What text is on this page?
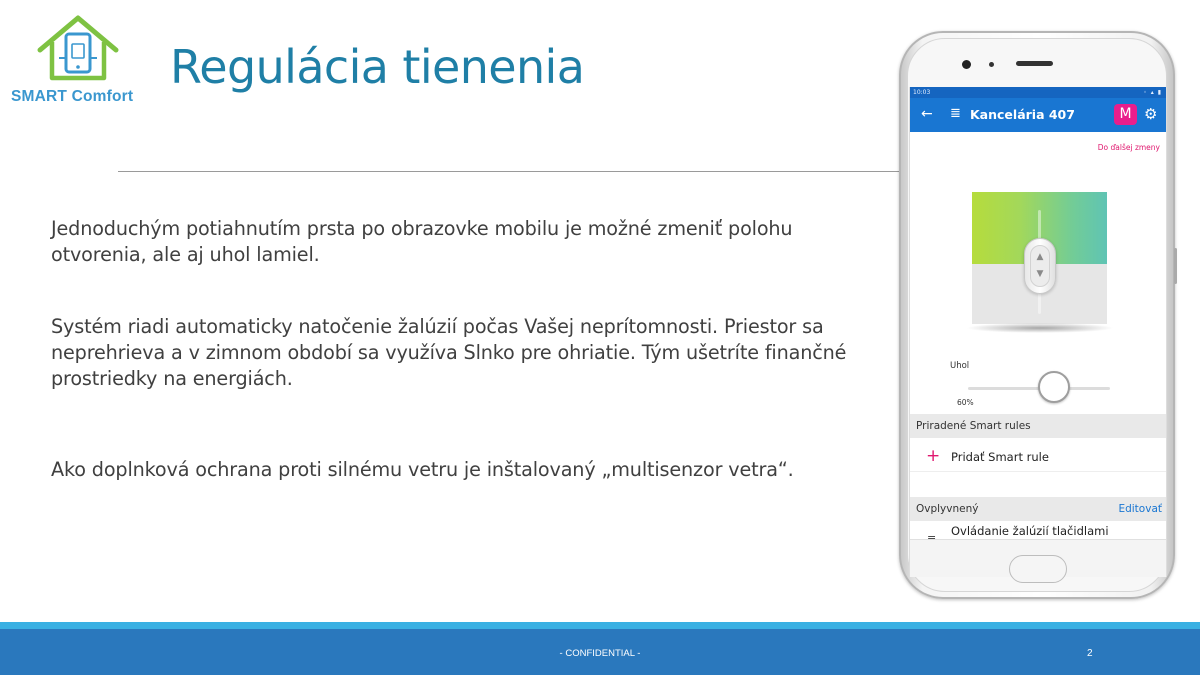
SMART Comfort
Regulácia tienenia
Jednoduchým potiahnutím prsta po obrazovke mobilu je možné zmeniť polohu otvorenia, ale aj uhol lamiel.
Systém riadi automaticky natočenie žalúzií počas Vašej neprítomnosti. Priestor sa neprehrieva a v zimnom období sa využíva Slnko pre ohriatie. Tým ušetríte finančné prostriedky na energiách.
Ako doplnková ochrana proti silnému vetru je inštalovaný „multisenzor vetra“.
10:03	◦ ▴ ▮
← ≣ Kancelária 407	M ⚙
Do ďalšej zmeny
▲
▼
Uhol
60%
Priradené Smart rules
+ Pridať Smart rule
Ovplyvnený	Editovať
Ovládanie žalúzií tlačidlami
- CONFIDENTIAL -	2
